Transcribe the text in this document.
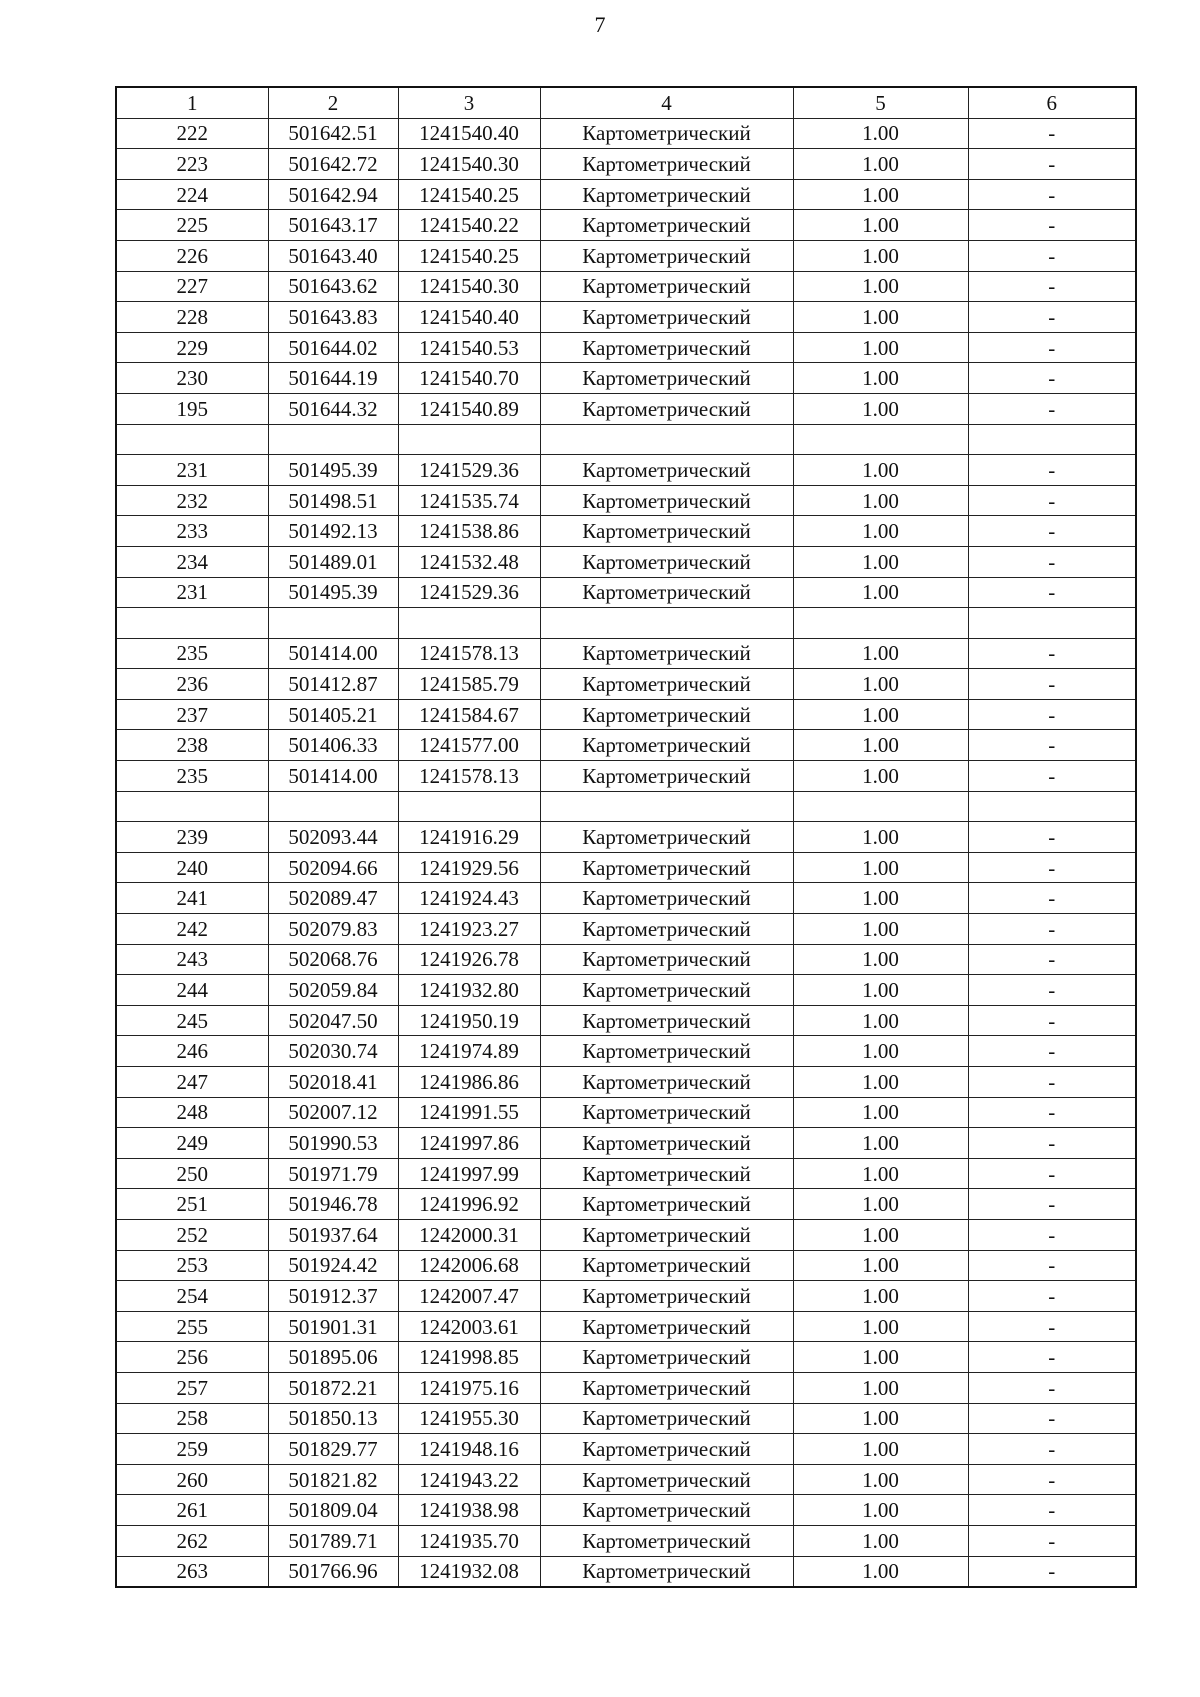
7
1	2	3	4	5	6
222	501642.51	1241540.40	Картометрический	1.00	-
223	501642.72	1241540.30	Картометрический	1.00	-
224	501642.94	1241540.25	Картометрический	1.00	-
225	501643.17	1241540.22	Картометрический	1.00	-
226	501643.40	1241540.25	Картометрический	1.00	-
227	501643.62	1241540.30	Картометрический	1.00	-
228	501643.83	1241540.40	Картометрический	1.00	-
229	501644.02	1241540.53	Картометрический	1.00	-
230	501644.19	1241540.70	Картометрический	1.00	-
195	501644.32	1241540.89	Картометрический	1.00	-

231	501495.39	1241529.36	Картометрический	1.00	-
232	501498.51	1241535.74	Картометрический	1.00	-
233	501492.13	1241538.86	Картометрический	1.00	-
234	501489.01	1241532.48	Картометрический	1.00	-
231	501495.39	1241529.36	Картометрический	1.00	-

235	501414.00	1241578.13	Картометрический	1.00	-
236	501412.87	1241585.79	Картометрический	1.00	-
237	501405.21	1241584.67	Картометрический	1.00	-
238	501406.33	1241577.00	Картометрический	1.00	-
235	501414.00	1241578.13	Картометрический	1.00	-

239	502093.44	1241916.29	Картометрический	1.00	-
240	502094.66	1241929.56	Картометрический	1.00	-
241	502089.47	1241924.43	Картометрический	1.00	-
242	502079.83	1241923.27	Картометрический	1.00	-
243	502068.76	1241926.78	Картометрический	1.00	-
244	502059.84	1241932.80	Картометрический	1.00	-
245	502047.50	1241950.19	Картометрический	1.00	-
246	502030.74	1241974.89	Картометрический	1.00	-
247	502018.41	1241986.86	Картометрический	1.00	-
248	502007.12	1241991.55	Картометрический	1.00	-
249	501990.53	1241997.86	Картометрический	1.00	-
250	501971.79	1241997.99	Картометрический	1.00	-
251	501946.78	1241996.92	Картометрический	1.00	-
252	501937.64	1242000.31	Картометрический	1.00	-
253	501924.42	1242006.68	Картометрический	1.00	-
254	501912.37	1242007.47	Картометрический	1.00	-
255	501901.31	1242003.61	Картометрический	1.00	-
256	501895.06	1241998.85	Картометрический	1.00	-
257	501872.21	1241975.16	Картометрический	1.00	-
258	501850.13	1241955.30	Картометрический	1.00	-
259	501829.77	1241948.16	Картометрический	1.00	-
260	501821.82	1241943.22	Картометрический	1.00	-
261	501809.04	1241938.98	Картометрический	1.00	-
262	501789.71	1241935.70	Картометрический	1.00	-
263	501766.96	1241932.08	Картометрический	1.00	-
